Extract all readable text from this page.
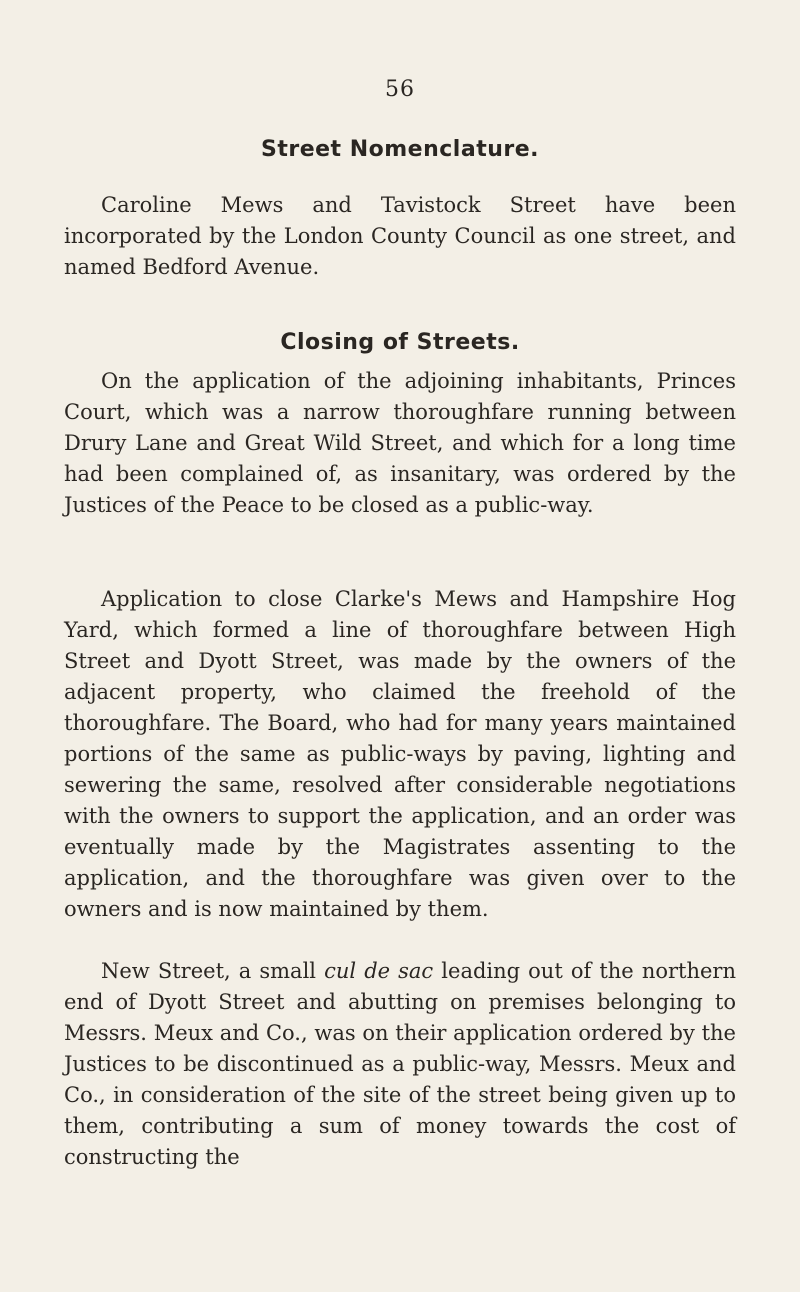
56
Street Nomenclature.

Caroline Mews and Tavistock Street have been incorporated by the London County Council as one street, and named Bedford Avenue.

Closing of Streets.

On the application of the adjoining inhabitants, Princes Court, which was a narrow thoroughfare running between Drury Lane and Great Wild Street, and which for a long time had been complained of, as insanitary, was ordered by the Justices of the Peace to be closed as a public-way.

Application to close Clarke's Mews and Hampshire Hog Yard, which formed a line of thoroughfare between High Street and Dyott Street, was made by the owners of the adjacent property, who claimed the freehold of the thoroughfare. The Board, who had for many years maintained portions of the same as public-ways by paving, lighting and sewering the same, resolved after considerable negotiations with the owners to support the application, and an order was eventually made by the Magistrates assenting to the application, and the thoroughfare was given over to the owners and is now maintained by them.

New Street, a small cul de sac leading out of the northern end of Dyott Street and abutting on premises belonging to Messrs. Meux and Co., was on their application ordered by the Justices to be discontinued as a public-way, Messrs. Meux and Co., in consideration of the site of the street being given up to them, contributing a sum of money towards the cost of constructing the
